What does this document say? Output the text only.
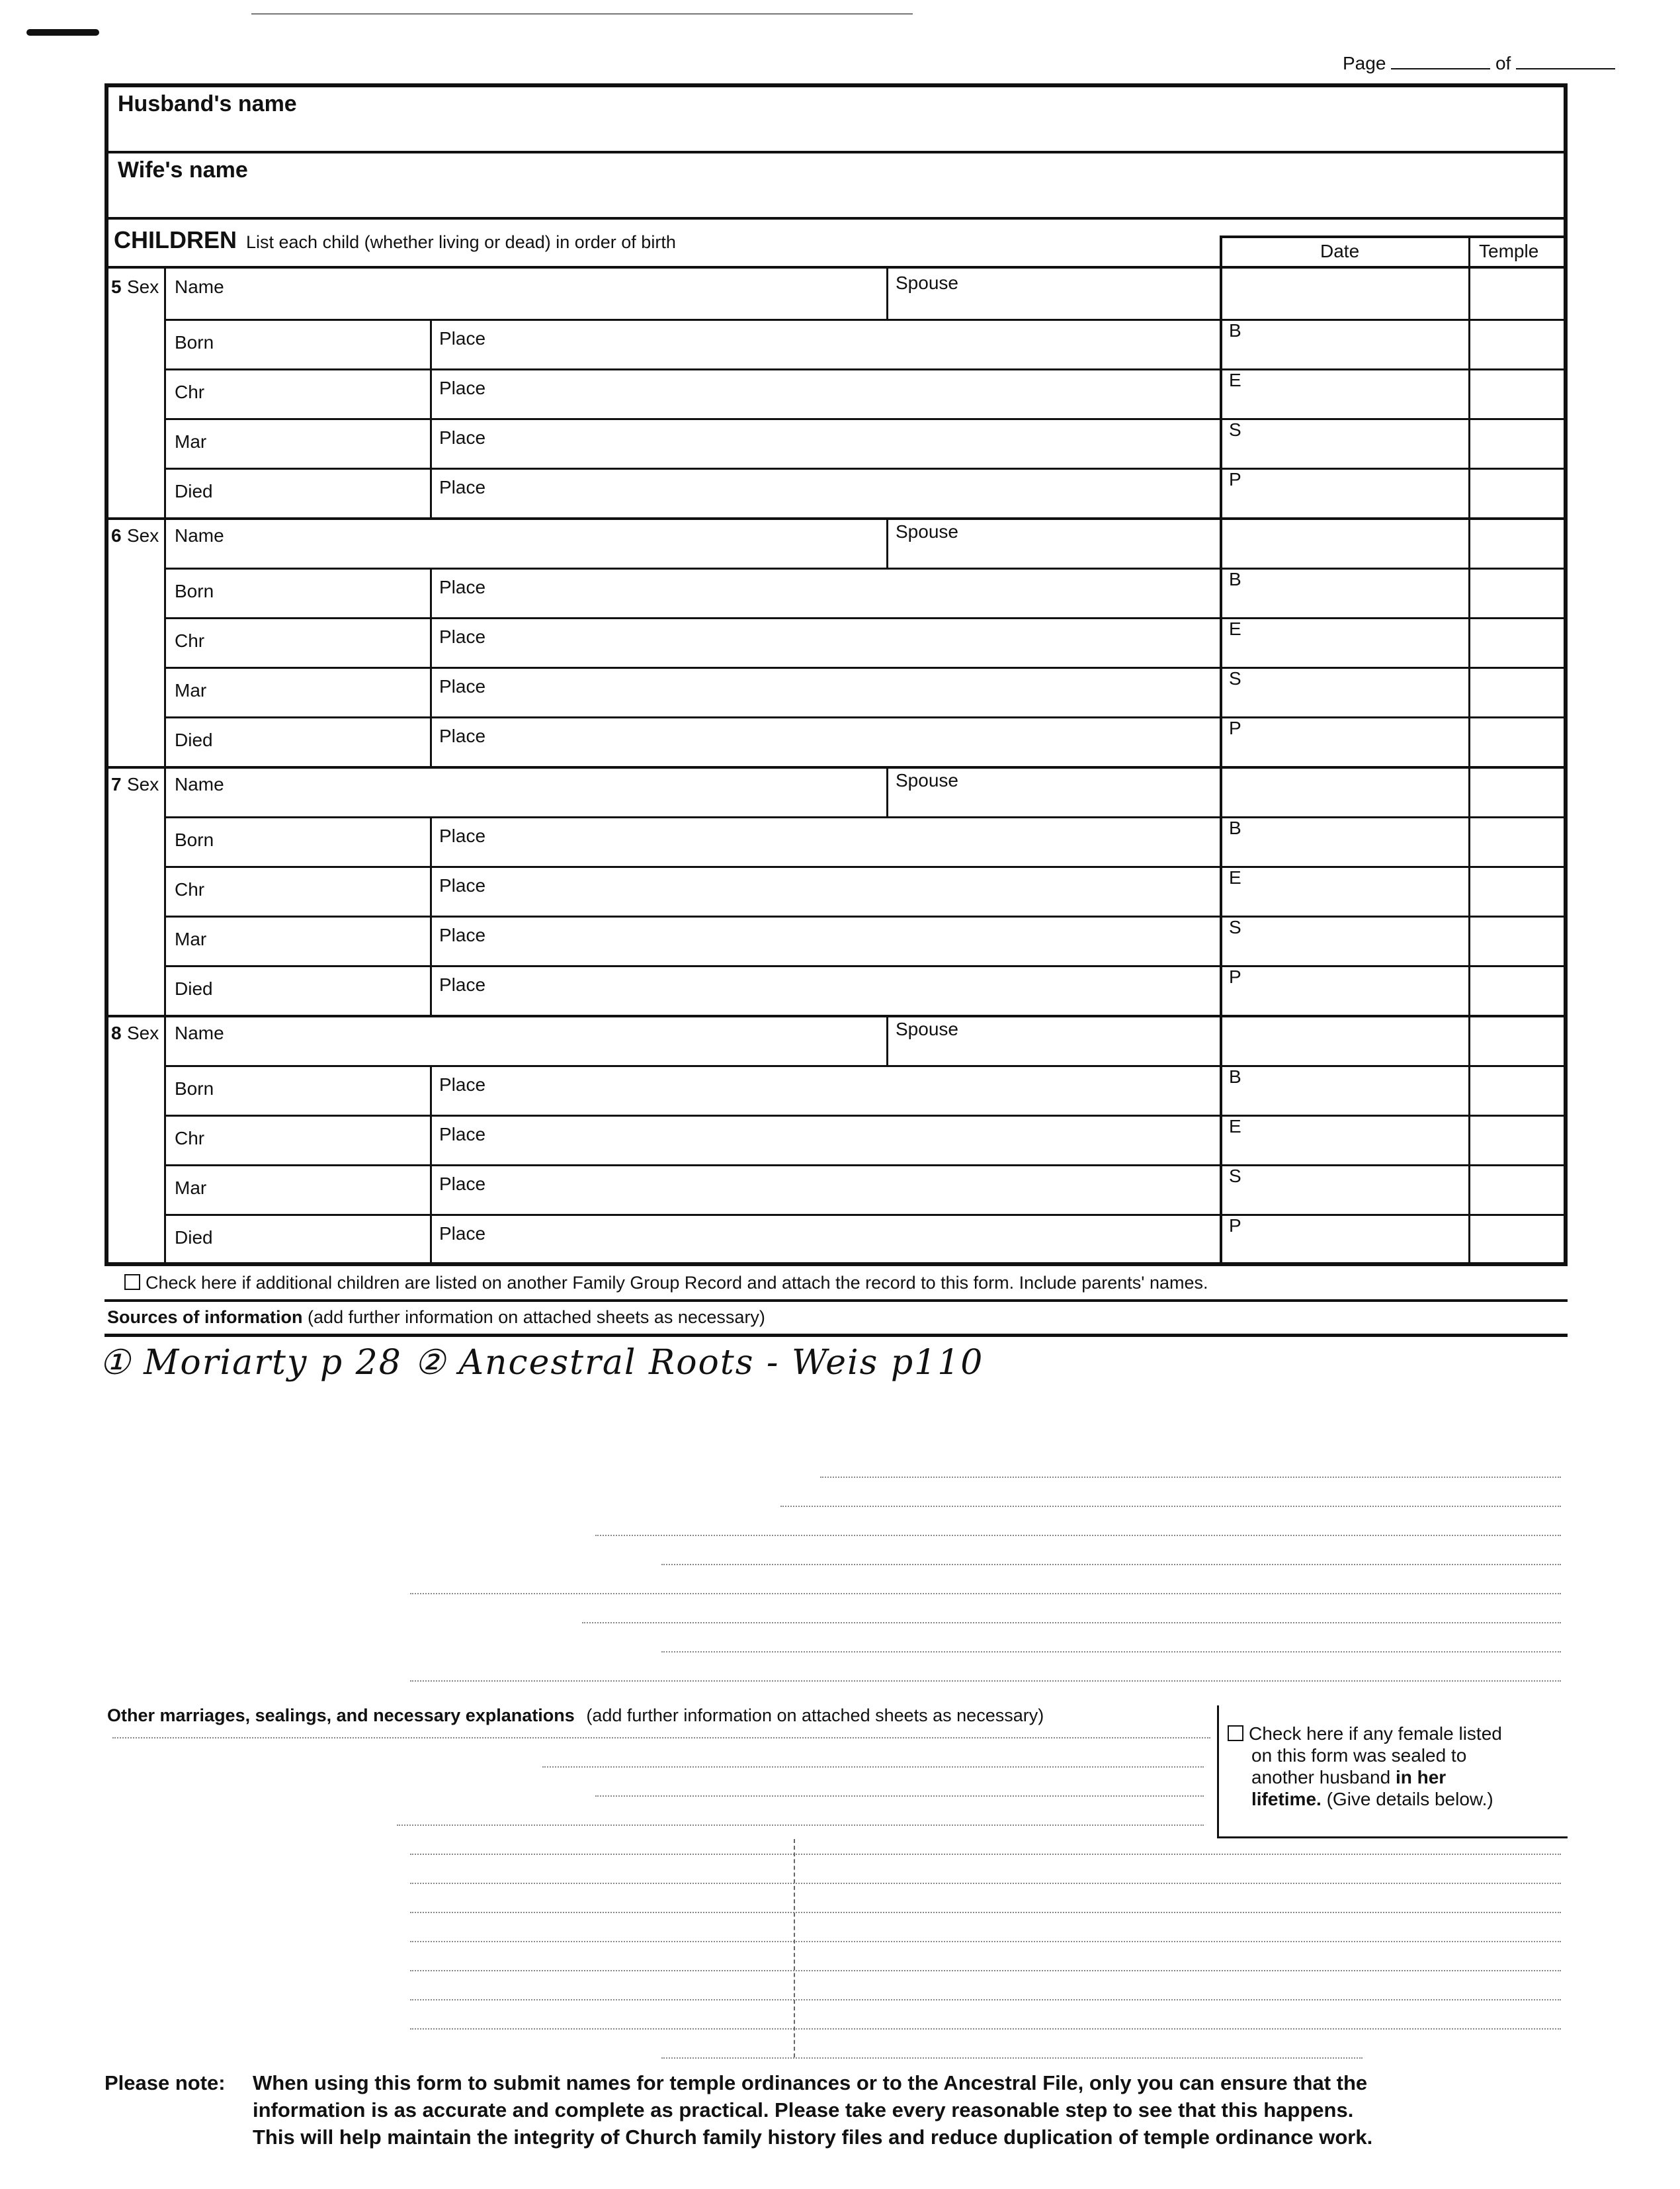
Page	of
Husband's name
Wife's name
CHILDREN List each child (whether living or dead) in order of birth	Date	Temple
5 Sex Name	Spouse
Born	Place	B
Chr	Place	E
Mar	Place	S
Died	Place	P
6 Sex Name	Spouse
Born	Place	B
Chr	Place	E
Mar	Place	S
Died	Place	P
7 Sex Name	Spouse
Born	Place	B
Chr	Place	E
Mar	Place	S
Died	Place	P
8 Sex Name	Spouse
Born	Place	B
Chr	Place	E
Mar	Place	S
Died	Place	P
Check here if additional children are listed on another Family Group Record and attach the record to this form. Include parents' names.
Sources of information (add further information on attached sheets as necessary)
① Moriarty p 28 ② Ancestral Roots - Weis p110
Other marriages, sealings, and necessary explanations (add further information on attached sheets as necessary)
Check here if any female listed
on this form was sealed to
another husband in her
lifetime. (Give details below.)
Please note: When using this form to submit names for temple ordinances or to the Ancestral File, only you can ensure that the
information is as accurate and complete as practical. Please take every reasonable step to see that this happens.
This will help maintain the integrity of Church family history files and reduce duplication of temple ordinance work.
